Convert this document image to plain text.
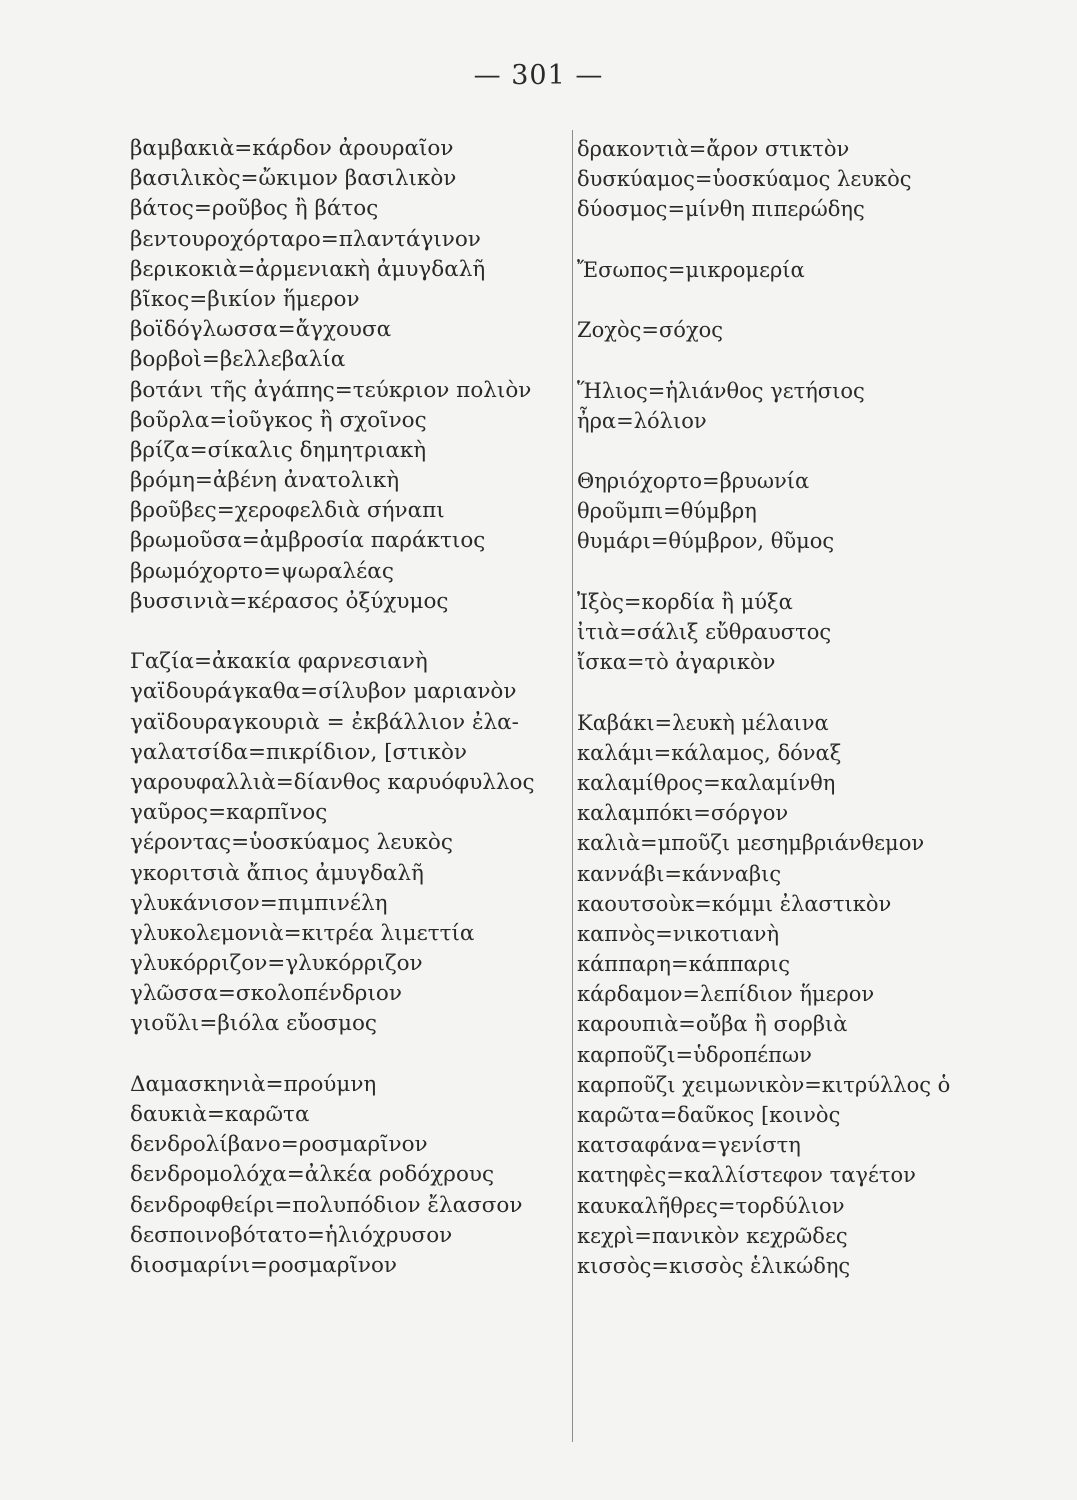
— 301 —
βαμβακιὰ=κάρδον ἀρουραῖον
βασιλικὸς=ὤκιμον βασιλικὸν
βάτος=ροῦβος ἢ βάτος
βεντουροχόρταρο=πλαντάγινον
βερικοκιὰ=ἀρμενιακὴ ἀμυγδαλῆ
βῖκος=βικίον ἥμερον
βοϊδόγλωσσα=ἄγχουσα
βορβοὶ=βελλεβαλία
βοτάνι τῆς ἀγάπης=τεύκριον πολιὸν
βοῦρλα=ἰοῦγκος ἢ σχοῖνος
βρίζα=σίκαλις δημητριακὴ
βρόμη=ἀβένη ἀνατολικὴ
βροῦβες=χεροφελδιὰ σήναπι
βρωμοῦσα=ἀμβροσία παράκτιος
βρωμόχορτο=ψωραλέας
βυσσινιὰ=κέρασος ὀξύχυμος
Γαζία=ἀκακία φαρνεσιανὴ
γαϊδουράγκαθα=σίλυβον μαριανὸν
γαϊδουραγκουριὰ = ἐκβάλλιον ἐλα-
γαλατσίδα=πικρίδιον, [στικὸν
γαρουφαλλιὰ=δίανθος καρυόφυλλος
γαῦρος=καρπῖνος
γέροντας=ὑοσκύαμος λευκὸς
γκοριτσιὰ ἄπιος ἀμυγδαλῆ
γλυκάνισον=πιμπινέλη
γλυκολεμονιὰ=κιτρέα λιμεττία
γλυκόρριζον=γλυκόρριζον
γλῶσσα=σκολοπένδριον
γιοῦλι=βιόλα εὔοσμος
Δαμασκηνιὰ=προύμνη
δαυκιὰ=καρῶτα
δενδρολίβανο=ροσμαρῖνον
δενδρομολόχα=ἀλκέα ροδόχρους
δενδροφθείρι=πολυπόδιον ἔλασσον
δεσποινοβότατο=ἡλιόχρυσον
διοσμαρίνι=ροσμαρῖνον
δρακοντιὰ=ἄρον στικτὸν
δυσκύαμος=ὑοσκύαμος λευκὸς
δύοσμος=μίνθη πιπερώδης
Ἔσωπος=μικρομερία
Ζοχὸς=σόχος
Ἥλιος=ἡλιάνθος γετήσιος
ἦρα=λόλιον
Θηριόχορτο=βρυωνία
θροῦμπι=θύμβρη
θυμάρι=θύμβρον, θῦμος
Ἰξὸς=κορδία ἢ μύξα
ἰτιὰ=σάλιξ εὔθραυστος
ἴσκα=τὸ ἀγαρικὸν
Καβάκι=λευκὴ μέλαινα
καλάμι=κάλαμος, δόναξ
καλαμίθρος=καλαμίνθη
καλαμπόκι=σόργον
καλιὰ=μποῦζι μεσημβριάνθεμον
καννάβι=κάνναβις
καουτσοὺκ=κόμμι ἐλαστικὸν
καπνὸς=νικοτιανὴ
κάππαρη=κάππαρις
κάρδαμον=λεπίδιον ἥμερον
καρουπιὰ=οὔβα ἢ σορβιὰ
καρποῦζι=ὑδροπέπων
καρποῦζι χειμωνικὸν=κιτρύλλος ὁ
καρῶτα=δαῦκος [κοινὸς
κατσαφάνα=γενίστη
κατηφὲς=καλλίστεφον ταγέτον
καυκαλῆθρες=τορδύλιον
κεχρὶ=πανικὸν κεχρῶδες
κισσὸς=κισσὸς ἑλικώδης
